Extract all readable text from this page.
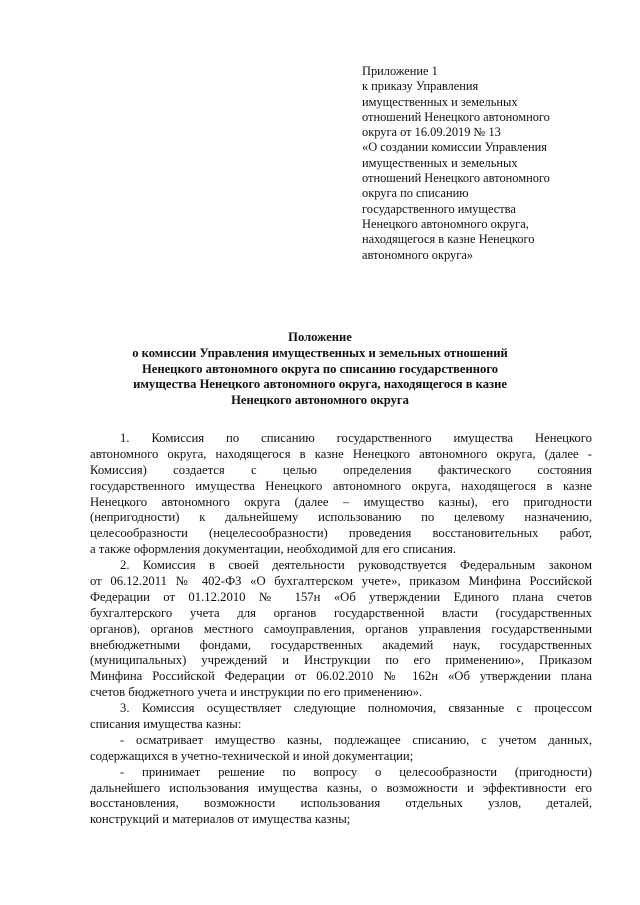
Приложение 1
к приказу Управления
имущественных и земельных
отношений Ненецкого автономного
округа от 16.09.2019 № 13
«О создании комиссии Управления
имущественных и земельных
отношений Ненецкого автономного
округа по списанию
государственного имущества
Ненецкого автономного округа,
находящегося в казне Ненецкого
автономного округа»
Положение
о комиссии Управления имущественных и земельных отношений
Ненецкого автономного округа по списанию государственного
имущества Ненецкого автономного округа, находящегося в казне
Ненецкого автономного округа
1. Комиссия по списанию государственного имущества Ненецкого
автономного округа, находящегося в казне Ненецкого автономного округа, (далее -
Комиссия) создается с целью определения фактического состояния
государственного имущества Ненецкого автономного округа, находящегося в казне
Ненецкого автономного округа (далее – имущество казны), его пригодности
(непригодности) к дальнейшему использованию по целевому назначению,
целесообразности (нецелесообразности) проведения восстановительных работ,
а также оформления документации, необходимой для его списания.
2. Комиссия в своей деятельности руководствуется Федеральным законом
от 06.12.2011 № 402-ФЗ «О бухгалтерском учете», приказом Минфина Российской
Федерации от 01.12.2010 № 157н «Об утверждении Единого плана счетов
бухгалтерского учета для органов государственной власти (государственных
органов), органов местного самоуправления, органов управления государственными
внебюджетными фондами, государственных академий наук, государственных
(муниципальных) учреждений и Инструкции по его применению», Приказом
Минфина Российской Федерации от 06.02.2010 № 162н «Об утверждении плана
счетов бюджетного учета и инструкции по его применению».
3. Комиссия осуществляет следующие полномочия, связанные с процессом
списания имущества казны:
- осматривает имущество казны, подлежащее списанию, с учетом данных,
содержащихся в учетно-технической и иной документации;
- принимает решение по вопросу о целесообразности (пригодности)
дальнейшего использования имущества казны, о возможности и эффективности его
восстановления, возможности использования отдельных узлов, деталей,
конструкций и материалов от имущества казны;
